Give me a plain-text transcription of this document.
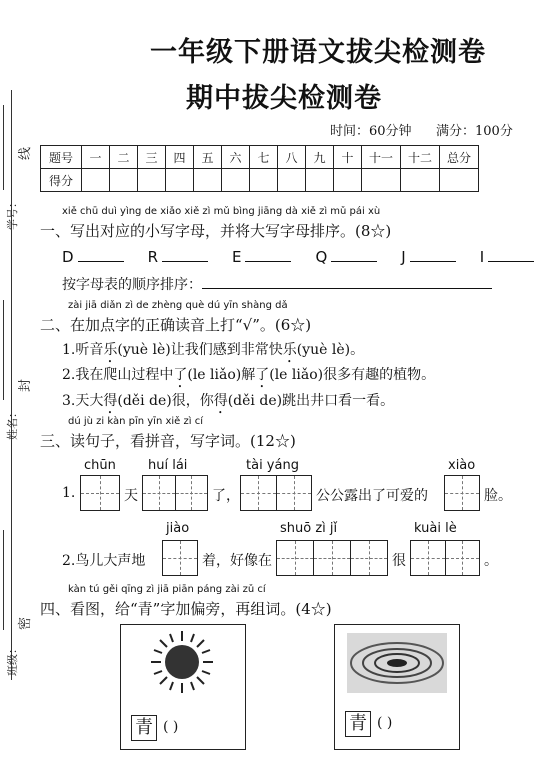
学号：
线
姓名：
封
班级：
密
一年级下册语文拔尖检测卷
期中拔尖检测卷
时间：60分钟 满分：100分
题号	一	二	三	四	五	六	七	八	九	十	十一	十二	总分
得分													
xiě chū duì yìng de xiǎo xiě zì mǔ bìng jiāng dà xiě zì mǔ pái xù
一、写出对应的小写字母，并将大写字母排序。(8☆)
D	R	E	Q	J	I
按字母表的顺序排序：
zài jiā diǎn zì de zhèng què dú yīn shàng dǎ
二、在加点字的正确读音上打“√”。(6☆)
1.听音乐(yuè lè)让我们感到非常快乐(yuè lè)。
2.我在爬山过程中了(le liǎo)解了(le liǎo)很多有趣的植物。
3.天大得(děi de)很，你得(děi de)跳出井口看一看。
dú jù zi kàn pīn yīn xiě zì cí
三、读句子，看拼音，写字词。(12☆)
chūn huí lái	tài yáng	xiào
1.	天	了，	公公露出了可爱的	脸。
jiào	shuō zì jǐ	kuài lè
2.鸟儿大声地	着，好像在	很	。
kàn tú gěi qīng zì jiā piān páng zài zǔ cí
四、看图，给“青”字加偏旁，再组词。(4☆)
青 ( )	青 ( )
